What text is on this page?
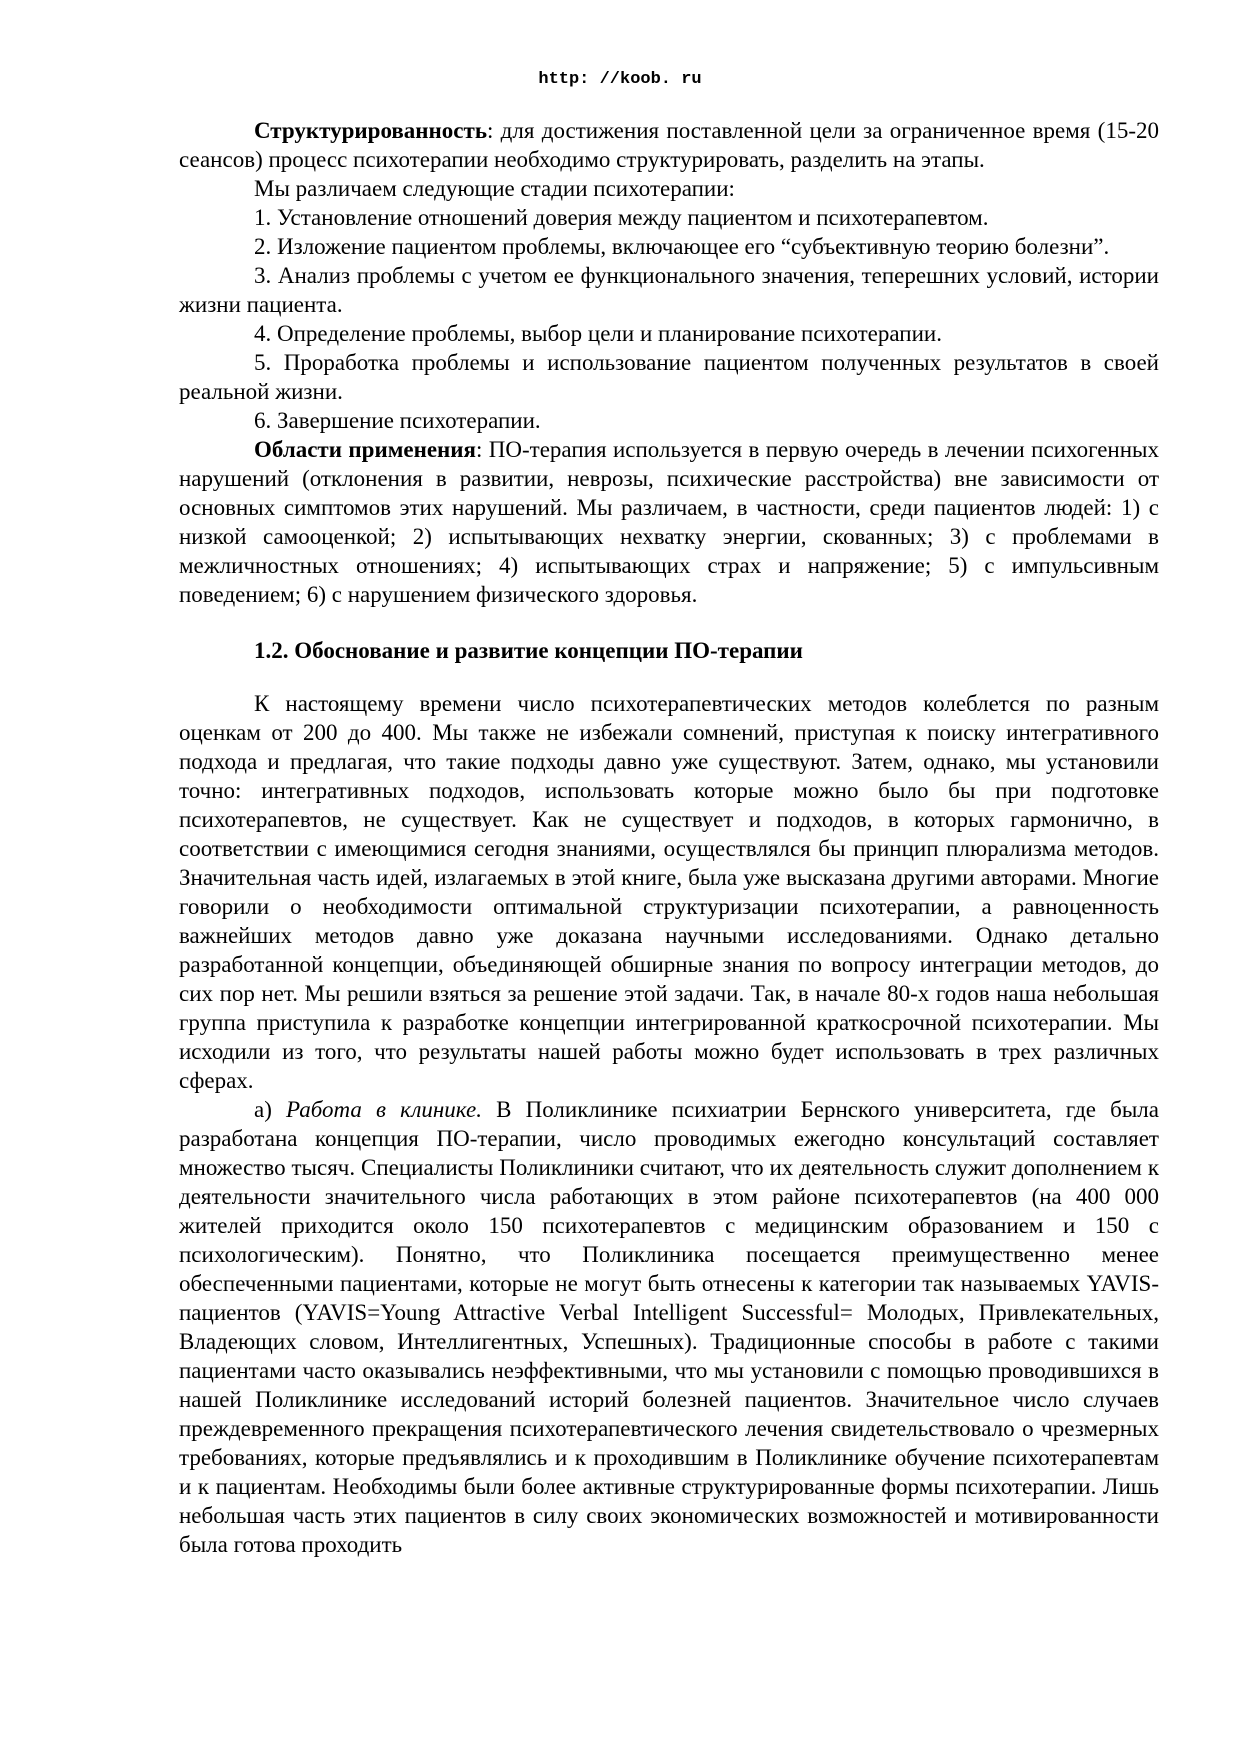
http: //koob. ru

Структурированность: для достижения поставленной цели за ограниченное время (15-20 сеансов) процесс психотерапии необходимо структурировать, разделить на этапы.

Мы различаем следующие стадии психотерапии:

1. Установление отношений доверия между пациентом и психотерапевтом.

2. Изложение пациентом проблемы, включающее его “субъективную теорию болезни”.

3. Анализ проблемы с учетом ее функционального значения, теперешних условий, истории жизни пациента.

4. Определение проблемы, выбор цели и планирование психотерапии.

5. Проработка проблемы и использование пациентом полученных результатов в своей реальной жизни.

6. Завершение психотерапии.

Области применения: ПО-терапия используется в первую очередь в лечении психогенных нарушений (отклонения в развитии, неврозы, психические расстройства) вне зависимости от основных симптомов этих нарушений. Мы различаем, в частности, среди пациентов людей: 1) с низкой самооценкой; 2) испытывающих нехватку энергии, скованных; 3) с проблемами в межличностных отношениях; 4) испытывающих страх и напряжение; 5) с импульсивным поведением; 6) с нарушением физического здоровья.

1.2. Обоснование и развитие концепции ПО-терапии

К настоящему времени число психотерапевтических методов колеблется по разным оценкам от 200 до 400. Мы также не избежали сомнений, приступая к поиску интегративного подхода и предлагая, что такие подходы давно уже существуют. Затем, однако, мы установили точно: интегративных подходов, использовать которые можно было бы при подготовке психотерапевтов, не существует. Как не существует и подходов, в которых гармонично, в соответствии с имеющимися сегодня знаниями, осуществлялся бы принцип плюрализма методов. Значительная часть идей, излагаемых в этой книге, была уже высказана другими авторами. Многие говорили о необходимости оптимальной структуризации психотерапии, а равноценность важнейших методов давно уже доказана научными исследованиями. Однако детально разработанной концепции, объединяющей обширные знания по вопросу интеграции методов, до сих пор нет. Мы решили взяться за решение этой задачи. Так, в начале 80-х годов наша небольшая группа приступила к разработке концепции интегрированной краткосрочной психотерапии. Мы исходили из того, что результаты нашей работы можно будет использовать в трех различных сферах.

а) Работа в клинике. В Поликлинике психиатрии Бернского университета, где была разработана концепция ПО-терапии, число проводимых ежегодно консультаций составляет множество тысяч. Специалисты Поликлиники считают, что их деятельность служит дополнением к деятельности значительного числа работающих в этом районе психотерапевтов (на 400 000 жителей приходится около 150 психотерапевтов с медицинским образованием и 150 с психологическим). Понятно, что Поликлиника посещается преимущественно менее обеспеченными пациентами, которые не могут быть отнесены к категории так называемых YAVIS-пациентов (YAVIS=Young Attractive Verbal Intelligent Successful= Молодых, Привлекательных, Владеющих словом, Интеллигентных, Успешных). Традиционные способы в работе с такими пациентами часто оказывались неэффективными, что мы установили с помощью проводившихся в нашей Поликлинике исследований историй болезней пациентов. Значительное число случаев преждевременного прекращения психотерапевтического лечения свидетельствовало о чрезмерных требованиях, которые предъявлялись и к проходившим в Поликлинике обучение психотерапевтам и к пациентам. Необходимы были более активные структурированные формы психотерапии. Лишь небольшая часть этих пациентов в силу своих экономических возможностей и мотивированности была готова проходить
